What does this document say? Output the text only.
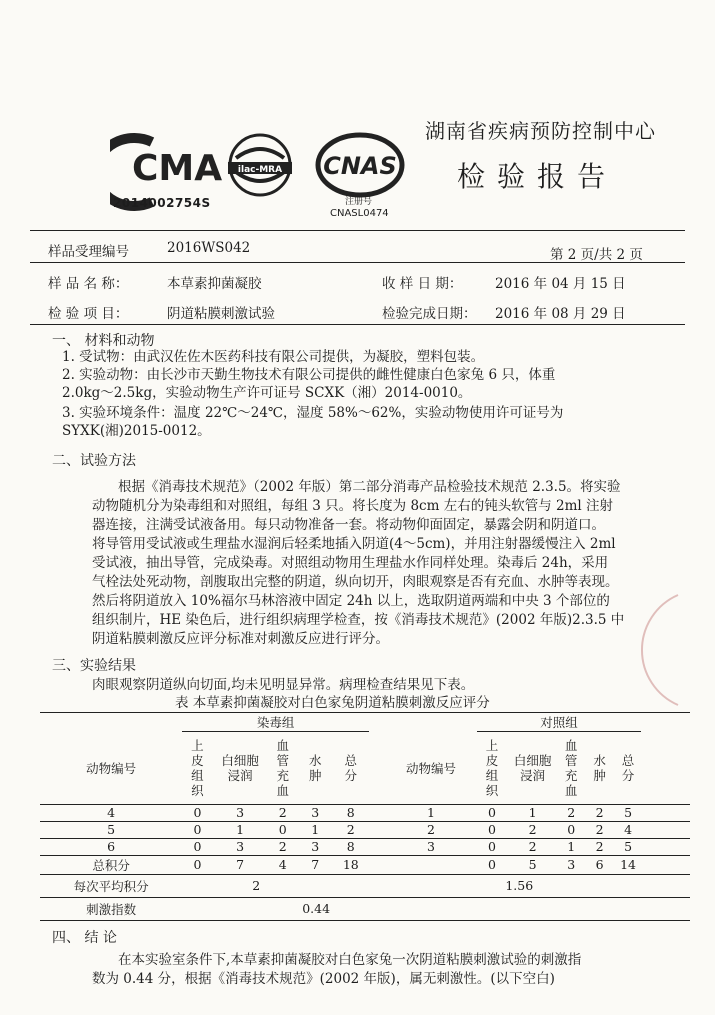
CMA ilac-MRA CNAS
2014002754S	注册号
CNASL0474
湖南省疾病预防控制中心
检验报告
样品受理编号	2016WS042	第 2 页/共 2 页
样 品 名 称：	本草素抑菌凝胶	收 样 日 期： 2016 年 04 月 15 日
检 验 项 目：	阴道粘膜刺激试验	检验完成日期： 2016 年 08 月 29 日
一、 材料和动物
1. 受试物：由武汉佐佐木医药科技有限公司提供，为凝胶，塑料包装。
2. 实验动物：由长沙市天勤生物技术有限公司提供的雌性健康白色家兔 6 只，体重
2.0kg～2.5kg，实验动物生产许可证号 SCXK（湘）2014-0010。
3. 实验环境条件：温度 22℃～24℃，湿度 58%～62%，实验动物使用许可证号为
SYXK(湘)2015-0012。
二、试验方法
根据《消毒技术规范》（2002 年版）第二部分消毒产品检验技术规范 2.3.5。将实验
动物随机分为染毒组和对照组，每组 3 只。将长度为 8cm 左右的钝头软管与 2ml 注射
器连接，注满受试液备用。每只动物准备一套。将动物仰面固定，暴露会阴和阴道口。
将导管用受试液或生理盐水湿润后轻柔地插入阴道(4～5cm)，并用注射器缓慢注入 2ml
受试液，抽出导管，完成染毒。对照组动物用生理盐水作同样处理。染毒后 24h，采用
气栓法处死动物，剖腹取出完整的阴道，纵向切开，肉眼观察是否有充血、水肿等表现。
然后将阴道放入 10%福尔马林溶液中固定 24h 以上，选取阴道两端和中央 3 个部位的
组织制片，HE 染色后，进行组织病理学检查，按《消毒技术规范》(2002 年版)2.3.5 中
阴道粘膜刺激反应评分标准对刺激反应进行评分。
三、实验结果
肉眼观察阴道纵向切面,均未见明显异常。病理检查结果见下表。
表 本草素抑菌凝胶对白色家兔阴道粘膜刺激反应评分
	染毒组							对照组					
动物编号	上皮组织	白细胞浸润	血管充血	水肿	总分		动物编号	上皮组织	白细胞浸润	血管充血	水肿	总分	

4	0	3	2	3	8		1	0	1	2	2	5	
5	0	1	0	1	2		2	0	2	0	2	4	
6	0	3	2	3	8		3	0	2	1	2	5	
总积分	0	7	4	7	18			0	5	3	6	14	
每次平均积分	2						1.56						
刺激指数	0.44												
四、 结 论
在本实验室条件下,本草素抑菌凝胶对白色家兔一次阴道粘膜刺激试验的刺激指
数为 0.44 分，根据《消毒技术规范》(2002 年版)，属无刺激性。(以下空白)
